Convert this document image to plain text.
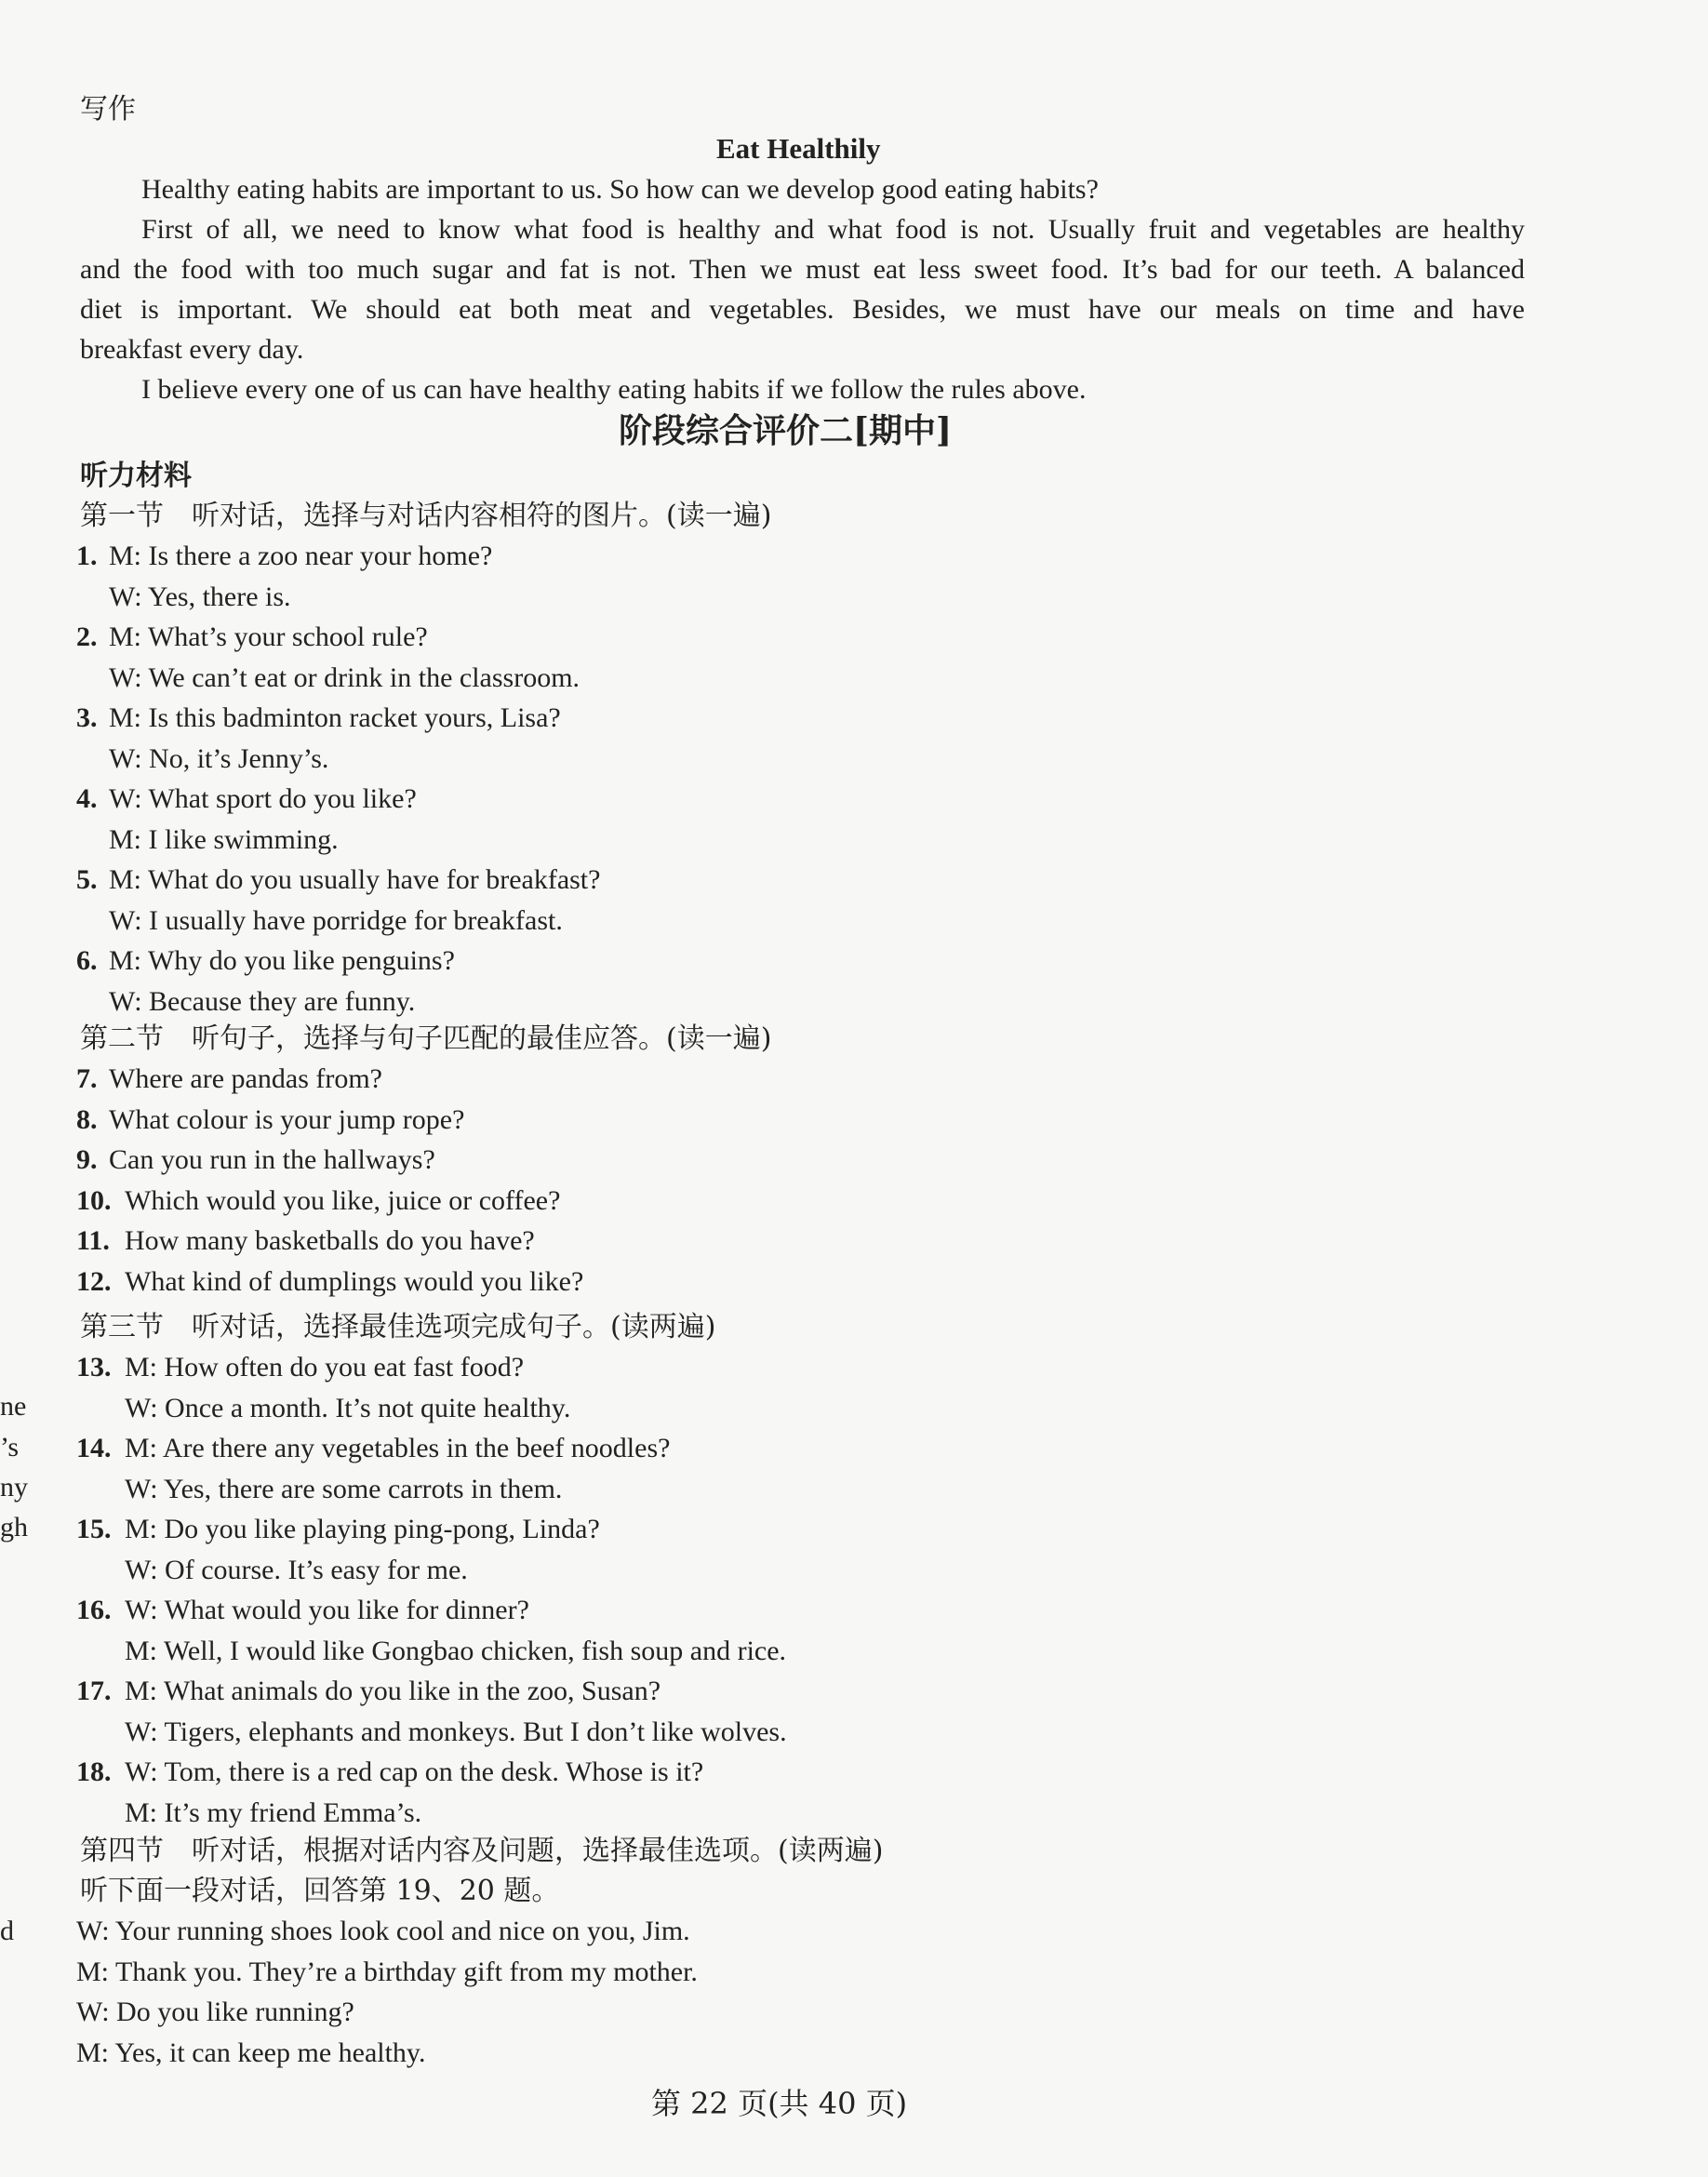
写作
Eat Healthily
Healthy eating habits are important to us. So how can we develop good eating habits?
First of all, we need to know what food is healthy and what food is not. Usually fruit and vegetables are healthy
and the food with too much sugar and fat is not. Then we must eat less sweet food. It’s bad for our teeth. A balanced
diet is important. We should eat both meat and vegetables. Besides, we must have our meals on time and have
breakfast every day.
I believe every one of us can have healthy eating habits if we follow the rules above.
阶段综合评价二[期中]
听力材料
第一节　听对话，选择与对话内容相符的图片。(读一遍)
1. M: Is there a zoo near your home?
W: Yes, there is.
2. M: What’s your school rule?
W: We can’t eat or drink in the classroom.
3. M: Is this badminton racket yours, Lisa?
W: No, it’s Jenny’s.
4. W: What sport do you like?
M: I like swimming.
5. M: What do you usually have for breakfast?
W: I usually have porridge for breakfast.
6. M: Why do you like penguins?
W: Because they are funny.
第二节　听句子，选择与句子匹配的最佳应答。(读一遍)
7. Where are pandas from?
8. What colour is your jump rope?
9. Can you run in the hallways?
10. Which would you like, juice or coffee?
11. How many basketballs do you have?
12. What kind of dumplings would you like?
第三节　听对话，选择最佳选项完成句子。(读两遍)
13. M: How often do you eat fast food?
W: Once a month. It’s not quite healthy.
14. M: Are there any vegetables in the beef noodles?
W: Yes, there are some carrots in them.
15. M: Do you like playing ping-pong, Linda?
W: Of course. It’s easy for me.
16. W: What would you like for dinner?
M: Well, I would like Gongbao chicken, fish soup and rice.
17. M: What animals do you like in the zoo, Susan?
W: Tigers, elephants and monkeys. But I don’t like wolves.
18. W: Tom, there is a red cap on the desk. Whose is it?
M: It’s my friend Emma’s.
第四节　听对话，根据对话内容及问题，选择最佳选项。(读两遍)
听下面一段对话，回答第 19、20 题。
W: Your running shoes look cool and nice on you, Jim.
M: Thank you. They’re a birthday gift from my mother.
W: Do you like running?
M: Yes, it can keep me healthy.
ne
’s
ny
gh
d
第 22 页(共 40 页)
